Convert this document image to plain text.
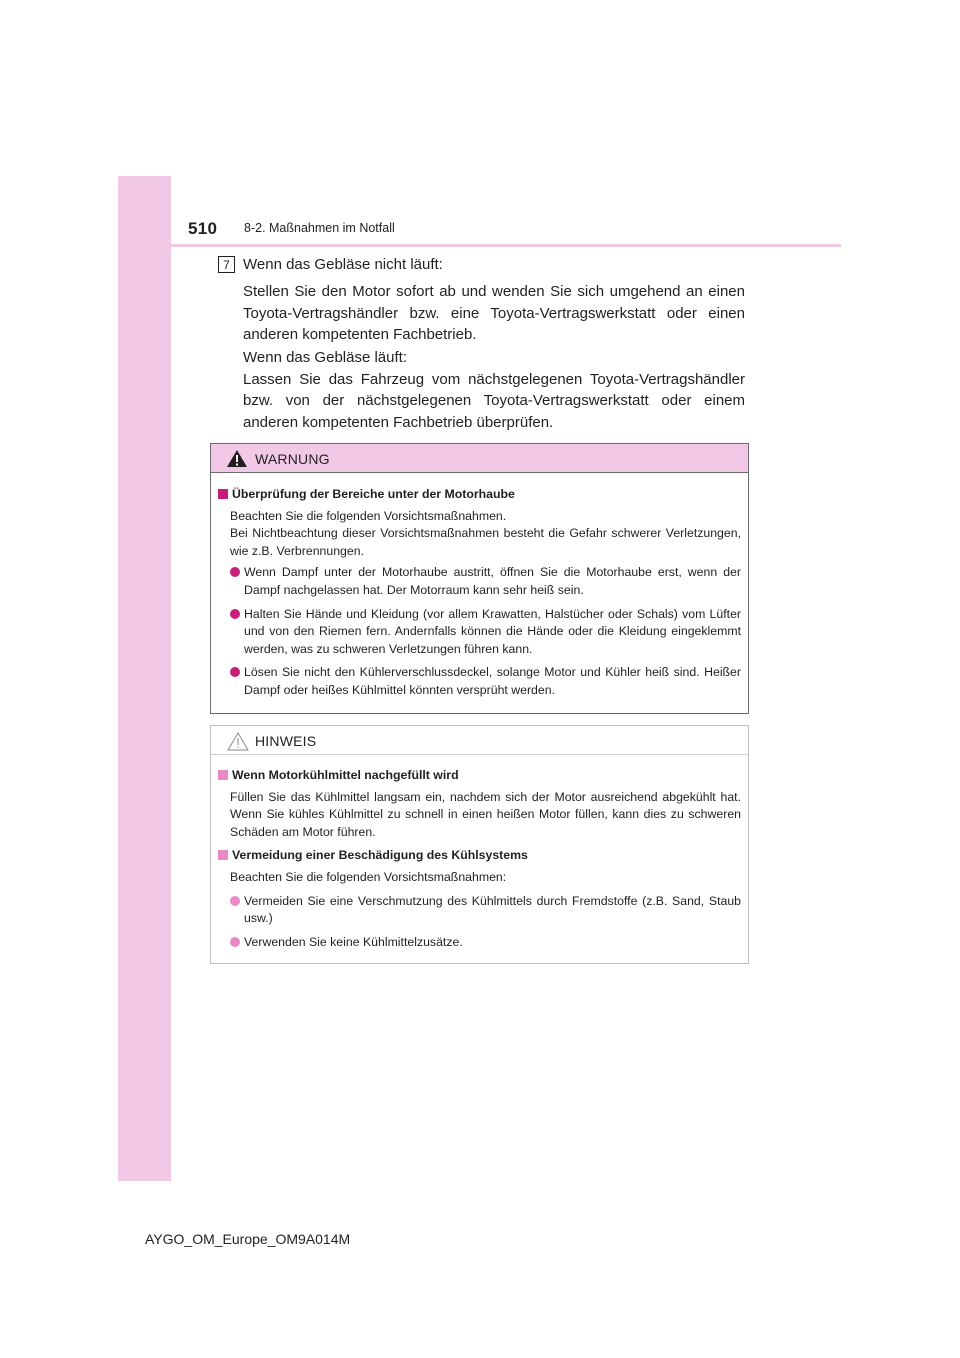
510 8-2. Maßnahmen im Notfall
7 Wenn das Gebläse nicht läuft:

Stellen Sie den Motor sofort ab und wenden Sie sich umgehend an einen Toyota-Vertragshändler bzw. eine Toyota-Vertragswerkstatt oder einen anderen kompetenten Fachbetrieb.

Wenn das Gebläse läuft:
Lassen Sie das Fahrzeug vom nächstgelegenen Toyota-Vertragshändler bzw. von der nächstgelegenen Toyota-Vertragswerkstatt oder einem anderen kompetenten Fachbetrieb überprüfen.

WARNUNG
Überprüfung der Bereiche unter der Motorhaube
Beachten Sie die folgenden Vorsichtsmaßnahmen.
Bei Nichtbeachtung dieser Vorsichtsmaßnahmen besteht die Gefahr schwerer Verletzungen, wie z.B. Verbrennungen.
Wenn Dampf unter der Motorhaube austritt, öffnen Sie die Motorhaube erst, wenn der Dampf nachgelassen hat. Der Motorraum kann sehr heiß sein.
Halten Sie Hände und Kleidung (vor allem Krawatten, Halstücher oder Schals) vom Lüfter und von den Riemen fern. Andernfalls können die Hände oder die Kleidung eingeklemmt werden, was zu schweren Verletzungen führen kann.
Lösen Sie nicht den Kühlerverschlussdeckel, solange Motor und Kühler heiß sind. Heißer Dampf oder heißes Kühlmittel könnten versprüht werden.
HINWEIS
Wenn Motorkühlmittel nachgefüllt wird
Füllen Sie das Kühlmittel langsam ein, nachdem sich der Motor ausreichend abgekühlt hat. Wenn Sie kühles Kühlmittel zu schnell in einen heißen Motor füllen, kann dies zu schweren Schäden am Motor führen.
Vermeidung einer Beschädigung des Kühlsystems
Beachten Sie die folgenden Vorsichtsmaßnahmen:
Vermeiden Sie eine Verschmutzung des Kühlmittels durch Fremdstoffe (z.B. Sand, Staub usw.)
Verwenden Sie keine Kühlmittelzusätze.
AYGO_OM_Europe_OM9A014M
